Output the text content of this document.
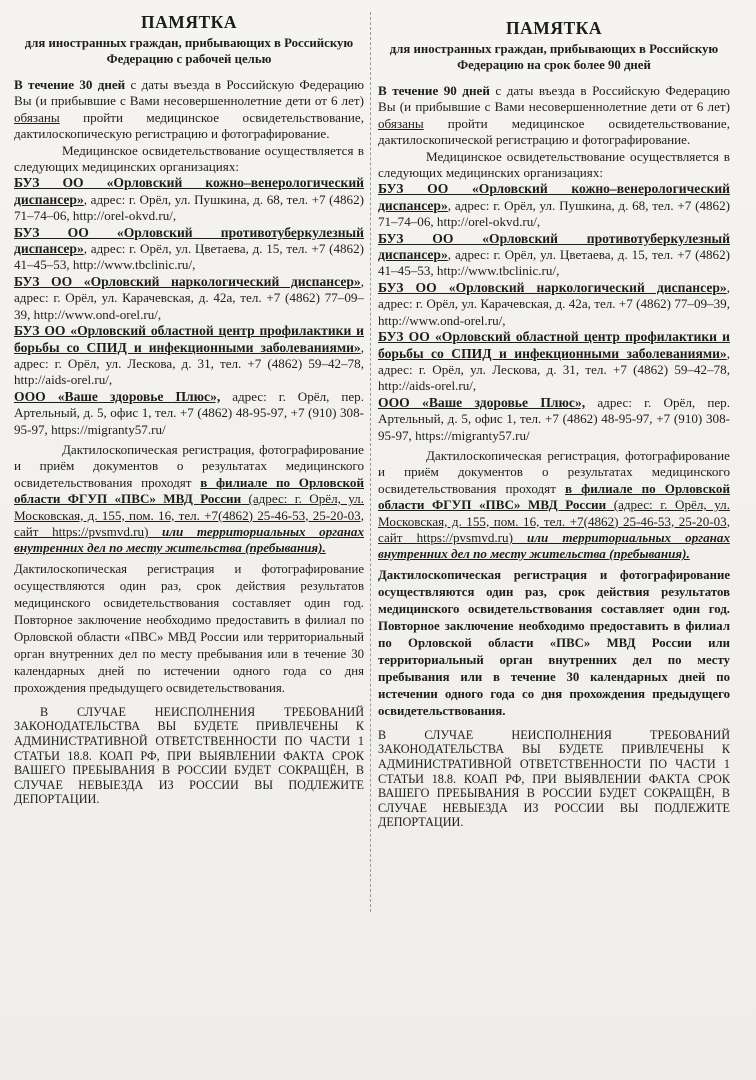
ПАМЯТКА
для иностранных граждан, прибывающих в Российскую Федерацию с рабочей целью

В течение 30 дней с даты въезда в Российскую Федерацию Вы (и прибывшие с Вами несовершеннолетние дети от 6 лет) обязаны пройти медицинское освидетельствование, дактилоскопическую регистрацию и фотографирование.

Медицинское освидетельствование осуществляется в следующих медицинских организациях:

БУЗ ОО «Орловский кожно–венерологический диспансер», адрес: г. Орёл, ул. Пушкина, д. 68, тел. +7 (4862) 71–74–06, http://orel-okvd.ru/,

БУЗ ОО «Орловский противотуберкулезный диспансер», адрес: г. Орёл, ул. Цветаева, д. 15, тел. +7 (4862) 41–45–53, http://www.tbclinic.ru/,

БУЗ ОО «Орловский наркологический диспансер», адрес: г. Орёл, ул. Карачевская, д. 42а, тел. +7 (4862) 77–09–39, http://www.ond-orel.ru/,

БУЗ ОО «Орловский областной центр профилактики и борьбы со СПИД и инфекционными заболеваниями», адрес: г. Орёл, ул. Лескова, д. 31, тел. +7 (4862) 59–42–78, http://aids-orel.ru/,

ООО «Ваше здоровье Плюс», адрес: г. Орёл, пер. Артельный, д. 5, офис 1, тел. +7 (4862) 48-95-97, +7 (910) 308-95-97, https://migranty57.ru/

Дактилоскопическая регистрация, фотографирование и приём документов о результатах медицинского освидетельствования проходят в филиале по Орловской области ФГУП «ПВС» МВД России (адрес: г. Орёл, ул. Московская, д. 155, пом. 16, тел. +7(4862) 25-46-53, 25-20-03, сайт https://pvsmvd.ru) или территориальных органах внутренних дел по месту жительства (пребывания).

Дактилоскопическая регистрация и фотографирование осуществляются один раз, срок действия результатов медицинского освидетельствования составляет один год. Повторное заключение необходимо предоставить в филиал по Орловской области «ПВС» МВД России или территориальный орган внутренних дел по месту пребывания или в течение 30 календарных дней по истечении одного года со дня прохождения предыдущего освидетельствования.

В СЛУЧАЕ НЕИСПОЛНЕНИЯ ТРЕБОВАНИЙ ЗАКОНОДАТЕЛЬСТВА ВЫ БУДЕТЕ ПРИВЛЕЧЕНЫ К АДМИНИСТРАТИВНОЙ ОТВЕТСТВЕННОСТИ ПО ЧАСТИ 1 СТАТЬИ 18.8. КОАП РФ, ПРИ ВЫЯВЛЕНИИ ФАКТА СРОК ВАШЕГО ПРЕБЫВАНИЯ В РОССИИ БУДЕТ СОКРАЩЁН, В СЛУЧАЕ НЕВЫЕЗДА ИЗ РОССИИ ВЫ ПОДЛЕЖИТЕ ДЕПОРТАЦИИ.

ПАМЯТКА
для иностранных граждан, прибывающих в Российскую Федерацию на срок более 90 дней

В течение 90 дней с даты въезда в Российскую Федерацию Вы (и прибывшие с Вами несовершеннолетние дети от 6 лет) обязаны пройти медицинское освидетельствование, дактилоскопической регистрацию и фотографирование.

Медицинское освидетельствование осуществляется в следующих медицинских организациях:

БУЗ ОО «Орловский кожно–венерологический диспансер», адрес: г. Орёл, ул. Пушкина, д. 68, тел. +7 (4862) 71–74–06, http://orel-okvd.ru/,

БУЗ ОО «Орловский противотуберкулезный диспансер», адрес: г. Орёл, ул. Цветаева, д. 15, тел. +7 (4862) 41–45–53, http://www.tbclinic.ru/,

БУЗ ОО «Орловский наркологический диспансер», адрес: г. Орёл, ул. Карачевская, д. 42а, тел. +7 (4862) 77–09–39, http://www.ond-orel.ru/,

БУЗ ОО «Орловский областной центр профилактики и борьбы со СПИД и инфекционными заболеваниями», адрес: г. Орёл, ул. Лескова, д. 31, тел. +7 (4862) 59–42–78, http://aids-orel.ru/,

ООО «Ваше здоровье Плюс», адрес: г. Орёл, пер. Артельный, д. 5, офис 1, тел. +7 (4862) 48-95-97, +7 (910) 308-95-97, https://migranty57.ru/

Дактилоскопическая регистрация, фотографирование и приём документов о результатах медицинского освидетельствования проходят в филиале по Орловской области ФГУП «ПВС» МВД России (адрес: г. Орёл, ул. Московская, д. 155, пом. 16, тел. +7(4862) 25-46-53, 25-20-03, сайт https://pvsmvd.ru) или территориальных органах внутренних дел по месту жительства (пребывания).

Дактилоскопическая регистрация и фотографирование осуществляются один раз, срок действия результатов медицинского освидетельствования составляет один год. Повторное заключение необходимо предоставить в филиал по Орловской области «ПВС» МВД России или территориальный орган внутренних дел по месту пребывания или в течение 30 календарных дней по истечении одного года со дня прохождения предыдущего освидетельствования.

В СЛУЧАЕ НЕИСПОЛНЕНИЯ ТРЕБОВАНИЙ ЗАКОНОДАТЕЛЬСТВА ВЫ БУДЕТЕ ПРИВЛЕЧЕНЫ К АДМИНИСТРАТИВНОЙ ОТВЕТСТВЕННОСТИ ПО ЧАСТИ 1 СТАТЬИ 18.8. КОАП РФ, ПРИ ВЫЯВЛЕНИИ ФАКТА СРОК ВАШЕГО ПРЕБЫВАНИЯ В РОССИИ БУДЕТ СОКРАЩЁН, В СЛУЧАЕ НЕВЫЕЗДА ИЗ РОССИИ ВЫ ПОДЛЕЖИТЕ ДЕПОРТАЦИИ.
